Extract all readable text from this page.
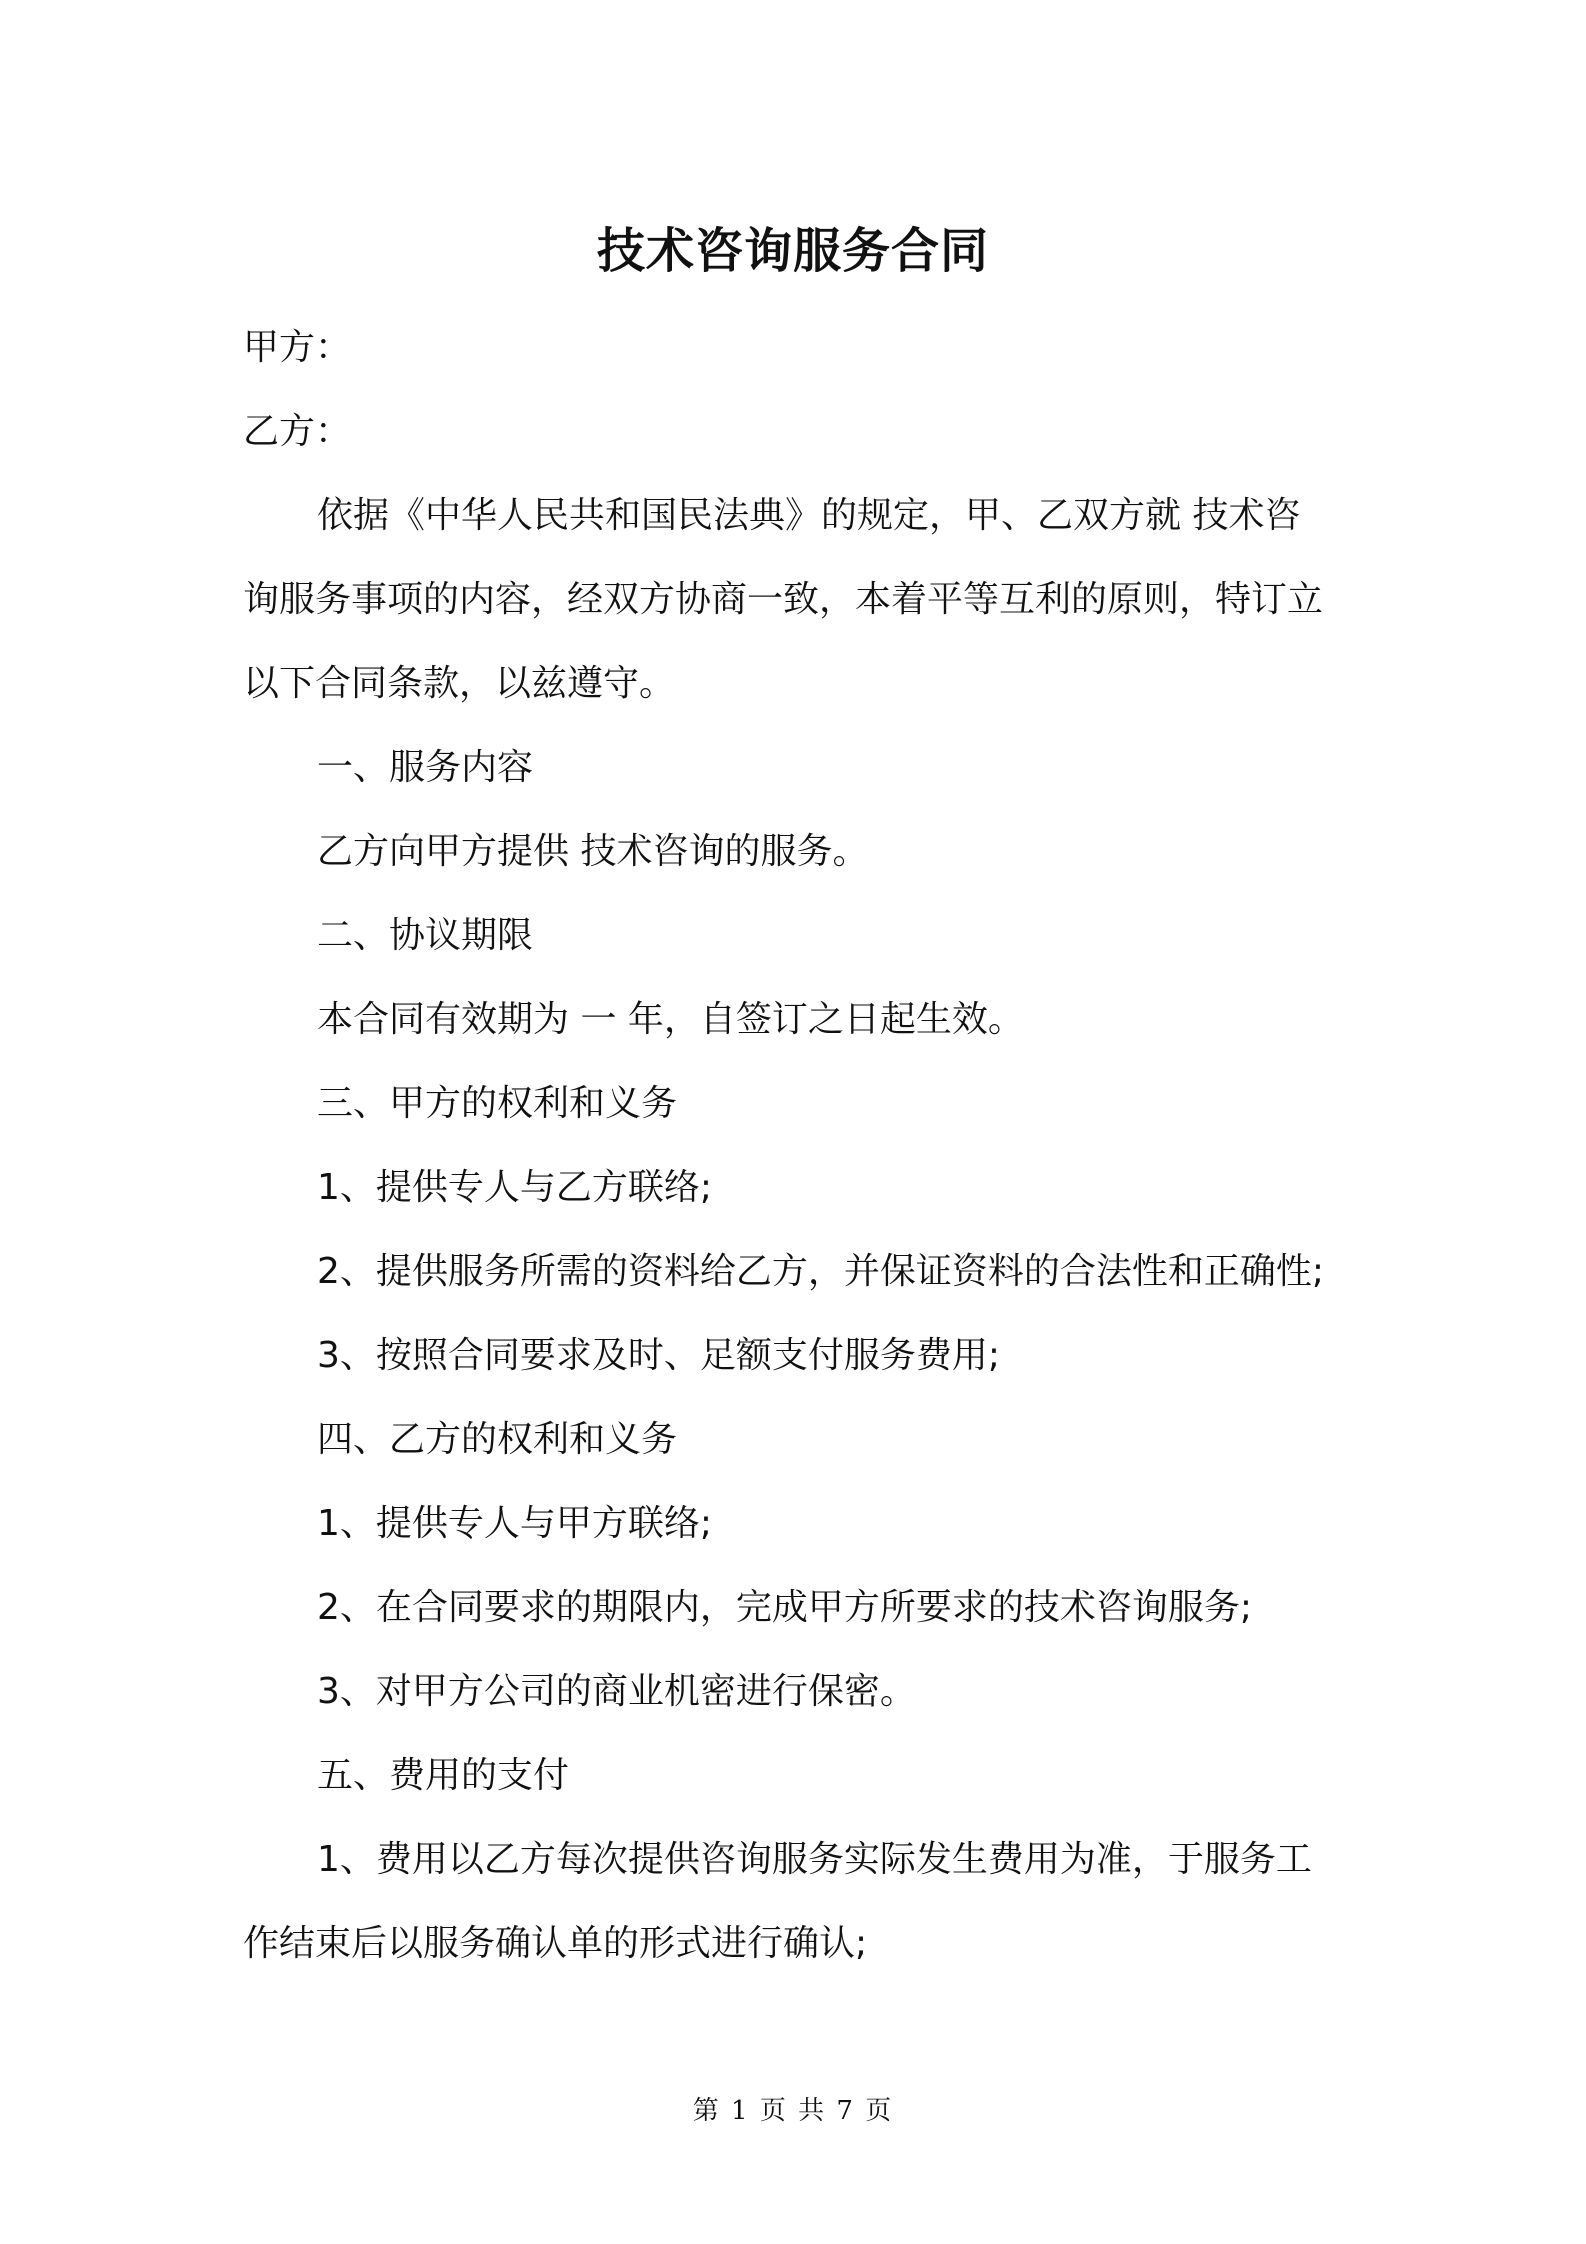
技术咨询服务合同
甲方：
乙方：
依据《中华人民共和国民法典》的规定，甲、乙双方就 技术咨
询服务事项的内容，经双方协商一致，本着平等互利的原则，特订立
以下合同条款，以兹遵守。
一、服务内容
乙方向甲方提供 技术咨询的服务。
二、协议期限
本合同有效期为 一 年，自签订之日起生效。
三、甲方的权利和义务
1、提供专人与乙方联络;
2、提供服务所需的资料给乙方，并保证资料的合法性和正确性;
3、按照合同要求及时、足额支付服务费用;
四、乙方的权利和义务
1、提供专人与甲方联络;
2、在合同要求的期限内，完成甲方所要求的技术咨询服务;
3、对甲方公司的商业机密进行保密。
五、费用的支付
1、费用以乙方每次提供咨询服务实际发生费用为准，于服务工
作结束后以服务确认单的形式进行确认;
第 1 页 共 7 页
